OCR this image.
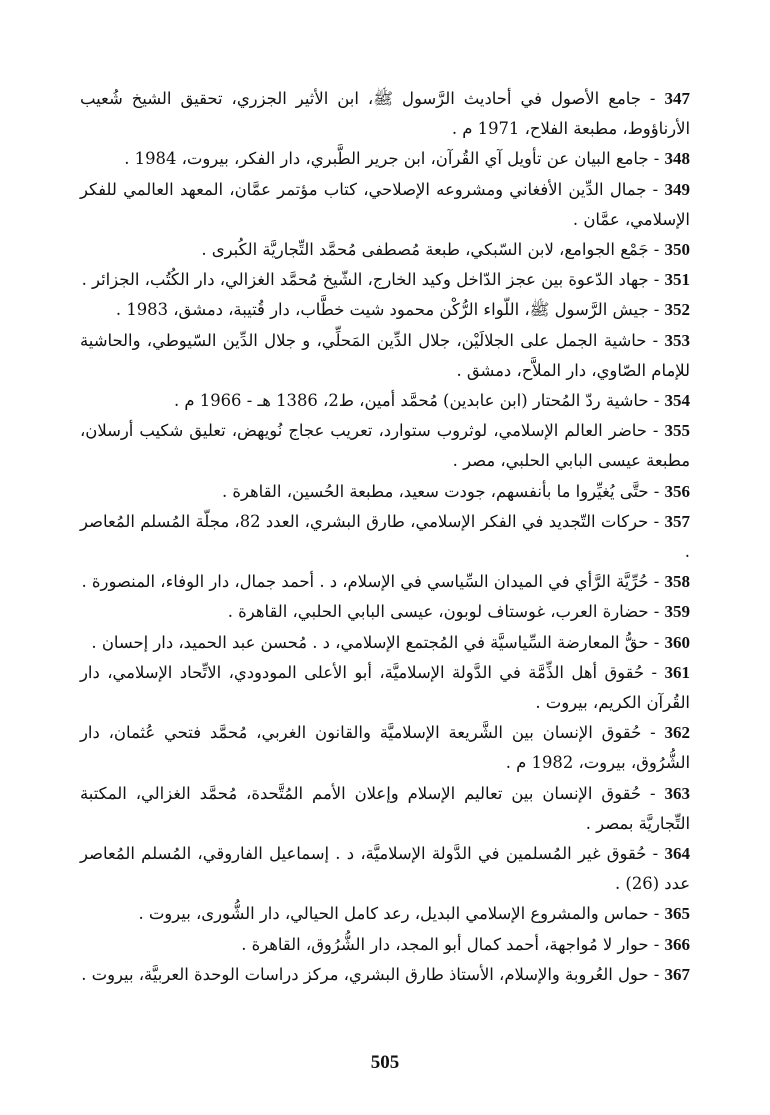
347 - جامع الأصول في أحاديث الرَّسول ﷺ، ابن الأثير الجزري، تحقيق الشيخ شُعيب الأرناؤوط، مطبعة الفلاح، 1971 م .

348 - جامع البيان عن تأويل آي القُرآن، ابن جرير الطَّبري، دار الفكر، بيروت، 1984 .

349 - جمال الدِّين الأفغاني ومشروعه الإصلاحي، كتاب مؤتمر عمَّان، المعهد العالمي للفكر الإسلامي، عمَّان .

350 - جَمْع الجوامع، لابن السّبكي، طبعة مُصطفى مُحمَّد التِّجاريَّة الكُبرى .

351 - جهاد الدّعوة بين عجز الدّاخل وكيد الخارج، الشّيخ مُحمَّد الغزالي، دار الكُتُب، الجزائر .

352 - جيش الرَّسول ﷺ، اللّواء الرُّكْن محمود شيت خطَّاب، دار قُتيبة، دمشق، 1983 .

353 - حاشية الجمل على الجلالَيْن، جلال الدِّين المَحلِّي، و جلال الدِّين السّيوطي، والحاشية للإمام الصّاوي، دار الملاَّح، دمشق .

354 - حاشية ردّ المُحتار (ابن عابدين) مُحمَّد أمين، ط2، 1386 هـ - 1966 م .

355 - حاضر العالم الإسلامي، لوثروب ستوارد، تعريب عجاج نُويهض، تعليق شكيب أرسلان، مطبعة عيسى البابي الحلبي، مصر .

356 - حتَّى يُغيِّروا ما بأنفسهم، جودت سعيد، مطبعة الحُسين، القاهرة .

357 - حركات التّجديد في الفكر الإسلامي، طارق البشري، العدد 82، مجلّة المُسلم المُعاصر .

358 - حُرِّيَّة الرَّأي في الميدان السِّياسي في الإسلام، د . أحمد جمال، دار الوفاء، المنصورة .

359 - حضارة العرب، غوستاف لوبون، عيسى البابي الحلبي، القاهرة .

360 - حقُّ المعارضة السِّياسيَّة في المُجتمع الإسلامي، د . مُحسن عبد الحميد، دار إحسان .

361 - حُقوق أهل الذِّمَّة في الدَّولة الإسلاميَّة، أبو الأعلى المودودي، الاتِّحاد الإسلامي، دار القُرآن الكريم، بيروت .

362 - حُقوق الإنسان بين الشَّريعة الإسلاميَّة والقانون الغربي، مُحمَّد فتحي عُثمان، دار الشُّرُوق، بيروت، 1982 م .

363 - حُقوق الإنسان بين تعاليم الإسلام وإعلان الأمم المُتَّحدة، مُحمَّد الغزالي، المكتبة التِّجاريَّة بمصر .

364 - حُقوق غير المُسلمين في الدَّولة الإسلاميَّة، د . إسماعيل الفاروقي، المُسلم المُعاصر عدد (26) .

365 - حماس والمشروع الإسلامي البديل، رعد كامل الحيالي، دار الشُّورى، بيروت .

366 - حوار لا مُواجهة، أحمد كمال أبو المجد، دار الشُّرُوق، القاهرة .

367 - حول العُروبة والإسلام، الأستاذ طارق البشري، مركز دراسات الوحدة العربيَّة، بيروت .

505
